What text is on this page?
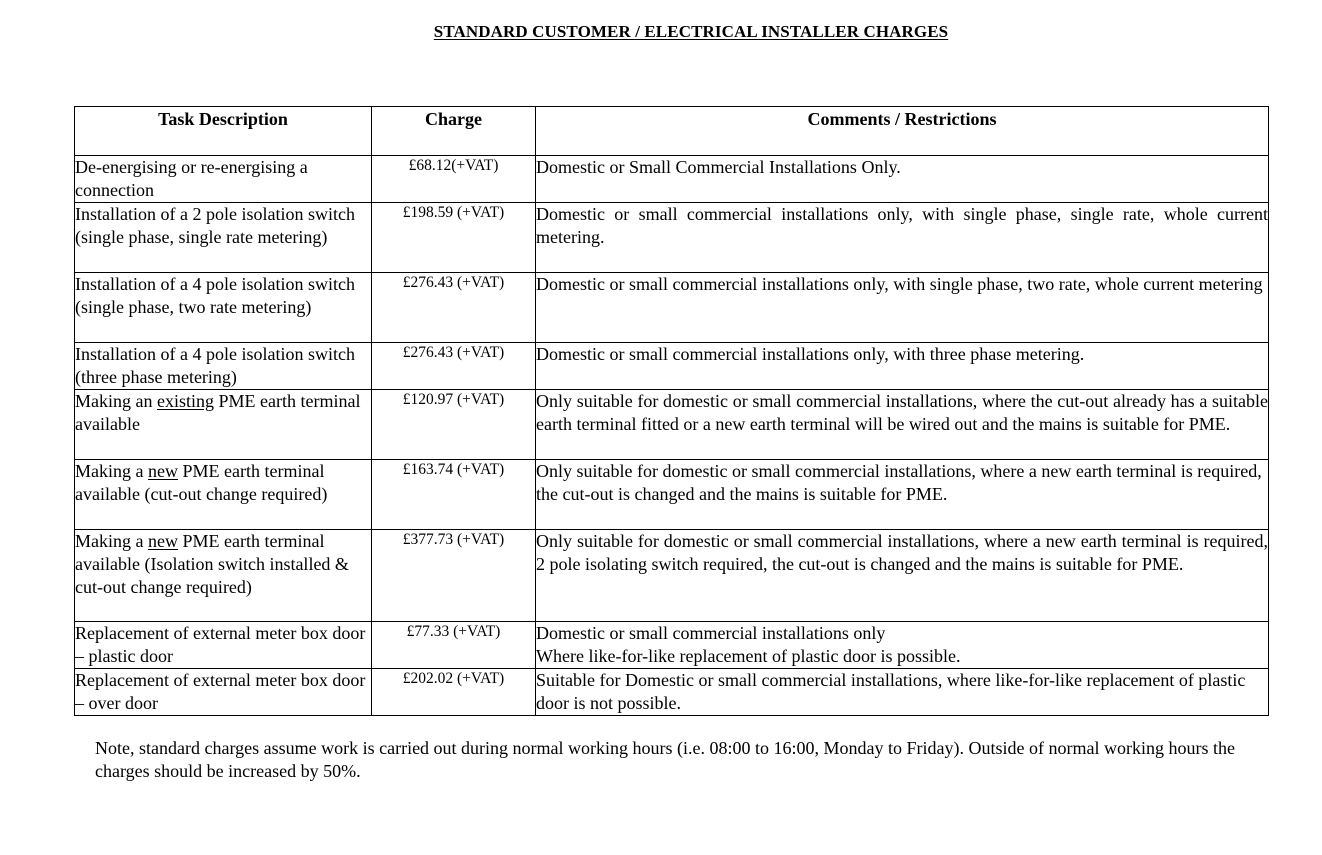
STANDARD CUSTOMER / ELECTRICAL INSTALLER CHARGES
Task Description	Charge	Comments / Restrictions
De-energising or re-energising a connection	£68.12(+VAT)	Domestic or Small Commercial Installations Only.
Installation of a 2 pole isolation switch (single phase, single rate metering)	£198.59 (+VAT)	Domestic or small commercial installations only, with single phase, single rate, whole current metering.
Installation of a 4 pole isolation switch (single phase, two rate metering)	£276.43 (+VAT)	Domestic or small commercial installations only, with single phase, two rate, whole current metering
Installation of a 4 pole isolation switch (three phase metering)	£276.43 (+VAT)	Domestic or small commercial installations only, with three phase metering.
Making an existing PME earth terminal available	£120.97 (+VAT)	Only suitable for domestic or small commercial installations, where the cut-out already has a suitable earth terminal fitted or a new earth terminal will be wired out and the mains is suitable for PME.
Making a new PME earth terminal available (cut-out change required)	£163.74 (+VAT)	Only suitable for domestic or small commercial installations, where a new earth terminal is required, the cut-out is changed and the mains is suitable for PME.
Making a new PME earth terminal available (Isolation switch installed & cut-out change required)	£377.73 (+VAT)	Only suitable for domestic or small commercial installations, where a new earth terminal is required, 2 pole isolating switch required, the cut-out is changed and the mains is suitable for PME.
Replacement of external meter box door – plastic door	£77.33 (+VAT)	Domestic or small commercial installations only
Where like-for-like replacement of plastic door is possible.

Replacement of external meter box door – over door	£202.02 (+VAT)	Suitable for Domestic or small commercial installations, where like-for-like replacement of plastic door is not possible.
Note, standard charges assume work is carried out during normal working hours (i.e. 08:00 to 16:00, Monday to Friday). Outside of normal working hours the charges should be increased by 50%.
